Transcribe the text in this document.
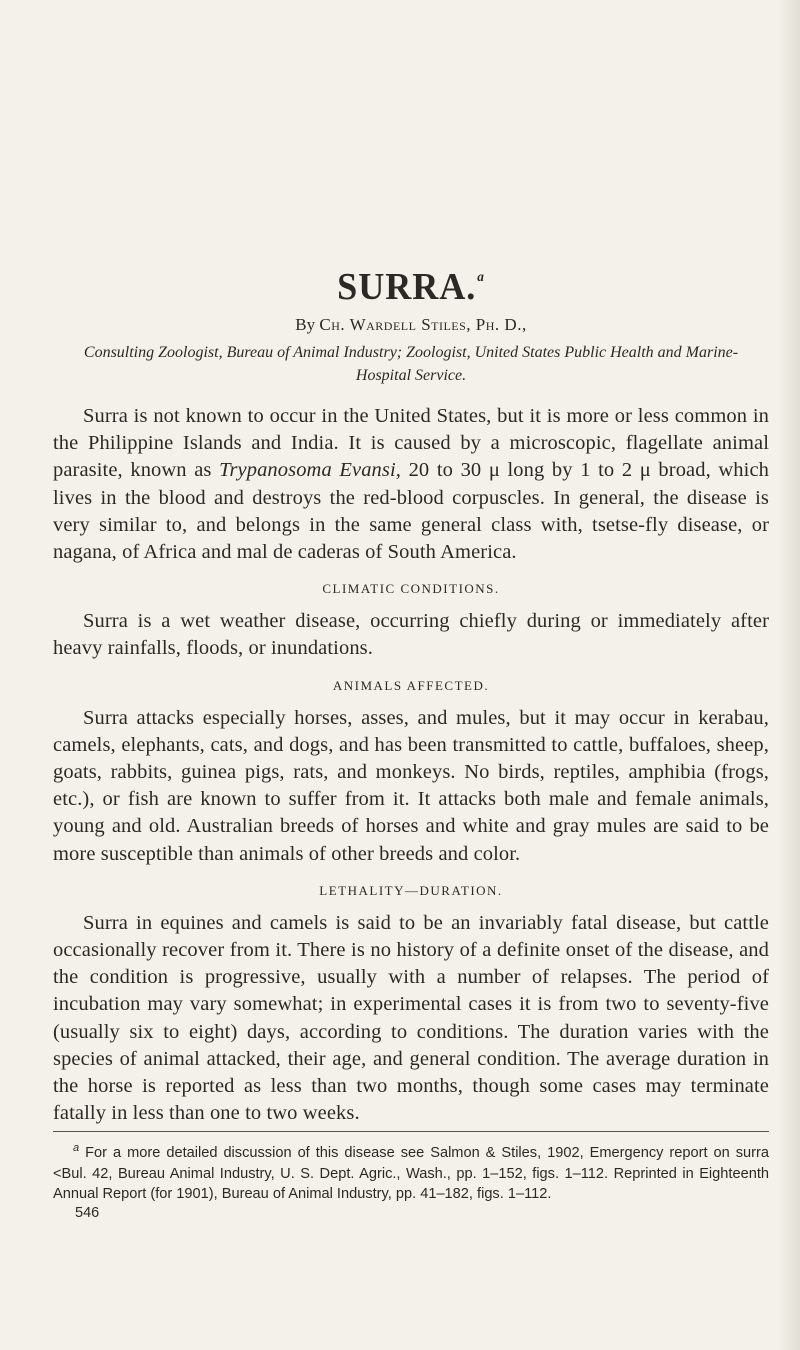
SURRA.$^a$
By Ch. Wardell Stiles, Ph. D.,
Consulting Zoologist, Bureau of Animal Industry; Zoologist, United States Public Health and Marine-Hospital Service.

Surra is not known to occur in the United States, but it is more or less common in the Philippine Islands and India. It is caused by a microscopic, flagellate animal parasite, known as Trypanosoma Evansi, 20 to 30 μ long by 1 to 2 μ broad, which lives in the blood and destroys the red-blood corpuscles. In general, the disease is very similar to, and belongs in the same general class with, tsetse-fly disease, or nagana, of Africa and mal de caderas of South America.

CLIMATIC CONDITIONS.

Surra is a wet weather disease, occurring chiefly during or immediately after heavy rainfalls, floods, or inundations.

ANIMALS AFFECTED.

Surra attacks especially horses, asses, and mules, but it may occur in kerabau, camels, elephants, cats, and dogs, and has been transmitted to cattle, buffaloes, sheep, goats, rabbits, guinea pigs, rats, and monkeys. No birds, reptiles, amphibia (frogs, etc.), or fish are known to suffer from it. It attacks both male and female animals, young and old. Australian breeds of horses and white and gray mules are said to be more susceptible than animals of other breeds and color.

LETHALITY—DURATION.

Surra in equines and camels is said to be an invariably fatal disease, but cattle occasionally recover from it. There is no history of a definite onset of the disease, and the condition is progressive, usually with a number of relapses. The period of incubation may vary somewhat; in experimental cases it is from two to seventy-five (usually six to eight) days, according to conditions. The duration varies with the species of animal attacked, their age, and general condition. The average duration in the horse is reported as less than two months, though some cases may terminate fatally in less than one to two weeks.

$^a$ For a more detailed discussion of this disease see Salmon & Stiles, 1902, Emergency report on surra <Bul. 42, Bureau Animal Industry, U. S. Dept. Agric., Wash., pp. 1–152, figs. 1–112. Reprinted in Eighteenth Annual Report (for 1901), Bureau of Animal Industry, pp. 41–182, figs. 1–112.

546
